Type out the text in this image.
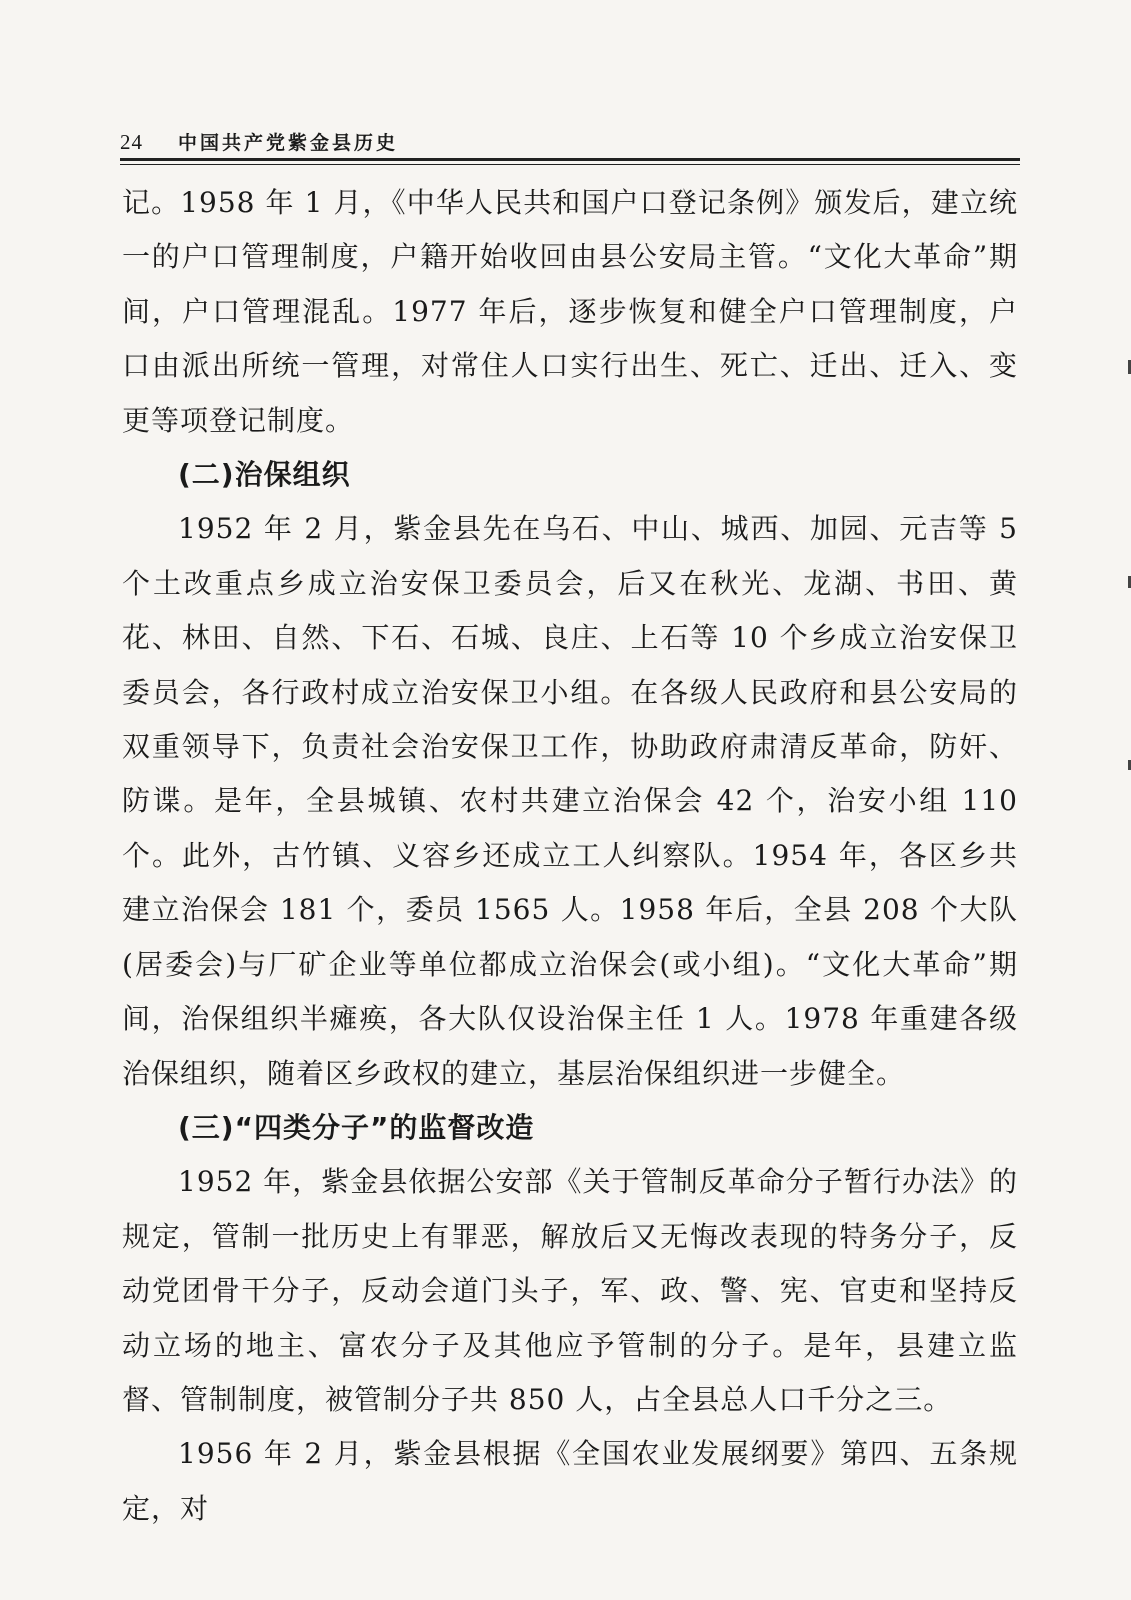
24 中国共产党紫金县历史

记。1958 年 1 月，《中华人民共和国户口登记条例》颁发后，建立统一的户口管理制度，户籍开始收回由县公安局主管。“文化大革命”期间，户口管理混乱。1977 年后，逐步恢复和健全户口管理制度，户口由派出所统一管理，对常住人口实行出生、死亡、迁出、迁入、变更等项登记制度。

(二)治保组织

1952 年 2 月，紫金县先在乌石、中山、城西、加园、元吉等 5 个土改重点乡成立治安保卫委员会，后又在秋光、龙湖、书田、黄花、林田、自然、下石、石城、良庄、上石等 10 个乡成立治安保卫委员会，各行政村成立治安保卫小组。在各级人民政府和县公安局的双重领导下，负责社会治安保卫工作，协助政府肃清反革命，防奸、防谍。是年，全县城镇、农村共建立治保会 42 个，治安小组 110 个。此外，古竹镇、义容乡还成立工人纠察队。1954 年，各区乡共建立治保会 181 个，委员 1565 人。1958 年后，全县 208 个大队(居委会)与厂矿企业等单位都成立治保会(或小组)。“文化大革命”期间，治保组织半瘫痪，各大队仅设治保主任 1 人。1978 年重建各级治保组织，随着区乡政权的建立，基层治保组织进一步健全。

(三)“四类分子”的监督改造

1952 年，紫金县依据公安部《关于管制反革命分子暂行办法》的规定，管制一批历史上有罪恶，解放后又无悔改表现的特务分子，反动党团骨干分子，反动会道门头子，军、政、警、宪、官吏和坚持反动立场的地主、富农分子及其他应予管制的分子。是年，县建立监督、管制制度，被管制分子共 850 人，占全县总人口千分之三。

1956 年 2 月，紫金县根据《全国农业发展纲要》第四、五条规定，对
